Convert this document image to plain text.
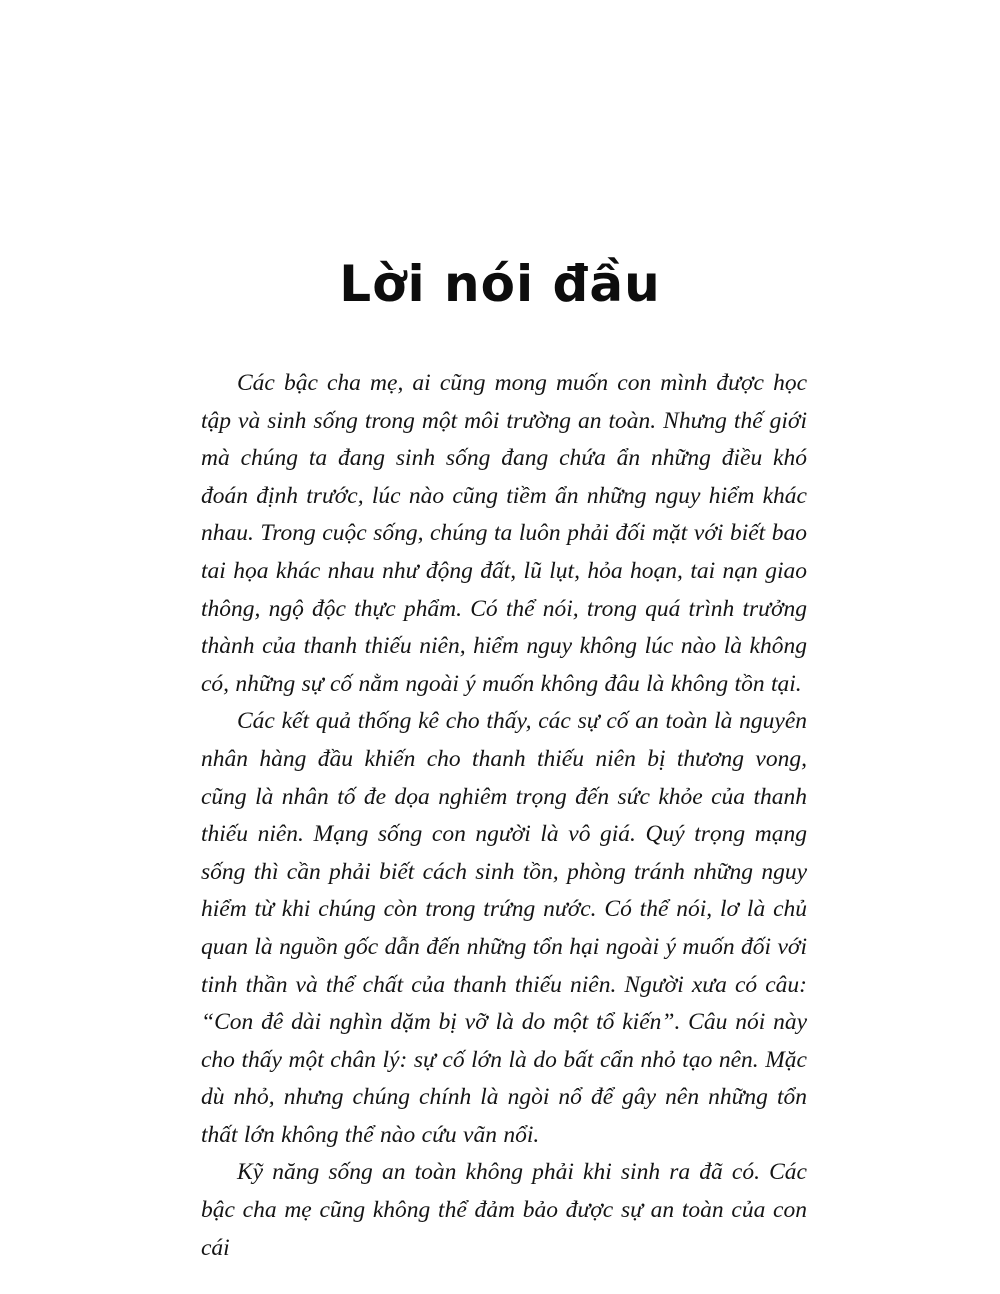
Lời nói đầu

Các bậc cha mẹ, ai cũng mong muốn con mình được học tập và sinh sống trong một môi trường an toàn. Nhưng thế giới mà chúng ta đang sinh sống đang chứa ẩn những điều khó đoán định trước, lúc nào cũng tiềm ẩn những nguy hiểm khác nhau. Trong cuộc sống, chúng ta luôn phải đối mặt với biết bao tai họa khác nhau như động đất, lũ lụt, hỏa hoạn, tai nạn giao thông, ngộ độc thực phẩm. Có thể nói, trong quá trình trưởng thành của thanh thiếu niên, hiểm nguy không lúc nào là không có, những sự cố nằm ngoài ý muốn không đâu là không tồn tại.

Các kết quả thống kê cho thấy, các sự cố an toàn là nguyên nhân hàng đầu khiến cho thanh thiếu niên bị thương vong, cũng là nhân tố đe dọa nghiêm trọng đến sức khỏe của thanh thiếu niên. Mạng sống con người là vô giá. Quý trọng mạng sống thì cần phải biết cách sinh tồn, phòng tránh những nguy hiểm từ khi chúng còn trong trứng nước. Có thể nói, lơ là chủ quan là nguồn gốc dẫn đến những tổn hại ngoài ý muốn đối với tinh thần và thể chất của thanh thiếu niên. Người xưa có câu: “Con đê dài nghìn dặm bị vỡ là do một tổ kiến”. Câu nói này cho thấy một chân lý: sự cố lớn là do bất cẩn nhỏ tạo nên. Mặc dù nhỏ, nhưng chúng chính là ngòi nổ để gây nên những tổn thất lớn không thể nào cứu vãn nổi.

Kỹ năng sống an toàn không phải khi sinh ra đã có. Các bậc cha mẹ cũng không thể đảm bảo được sự an toàn của con cái
